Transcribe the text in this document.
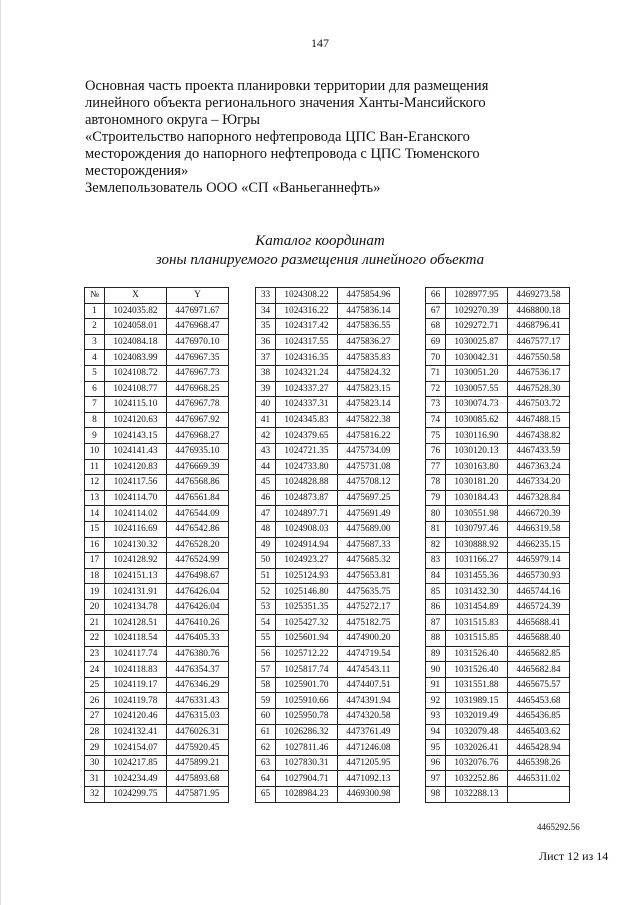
147
Основная часть проекта планировки территории для размещения
линейного объекта регионального значения Ханты-Мансийского
автономного округа – Югры
«Строительство напорного нефтепровода ЦПС Ван-Еганского
месторождения до напорного нефтепровода с ЦПС Тюменского
месторождения»
Землепользователь ООО «СП «Ваньеганнефть»
Каталог координат
зоны планируемого размещения линейного объекта
№	X	Y
1	1024035.82	4476971.67
2	1024058.01	4476968.47
3	1024084.18	4476970.10
4	1024083.99	4476967.35
5	1024108.72	4476967.73
6	1024108.77	4476968.25
7	1024115.10	4476967.78
8	1024120.63	4476967.92
9	1024143.15	4476968.27
10	1024141.43	4476935.10
11	1024120.83	4476669.39
12	1024117.56	4476568.86
13	1024114.70	4476561.84
14	1024114.02	4476544.09
15	1024116.69	4476542.86
16	1024130.32	4476528.20
17	1024128.92	4476524.99
18	1024151.13	4476498.67
19	1024131.91	4476426.04
20	1024134.78	4476426.04
21	1024128.51	4476410.26
22	1024118.54	4476405.33
23	1024117.74	4476380.76
24	1024118.83	4476354.37
25	1024119.17	4476346.29
26	1024119.78	4476331.43
27	1024120.46	4476315.03
28	1024132.41	4476026.31
29	1024154.07	4475920.45
30	1024217.85	4475899.21
31	1024234.49	4475893.68
32	1024299.75	4475871.95
33	1024308.22	4475854.96
34	1024316.22	4475836.14
35	1024317.42	4475836.55
36	1024317.55	4475836.27
37	1024316.35	4475835.83
38	1024321.24	4475824.32
39	1024337.27	4475823.15
40	1024337.31	4475823.14
41	1024345.83	4475822.38
42	1024379.65	4475816.22
43	1024721.35	4475734.09
44	1024733.80	4475731.08
45	1024828.88	4475708.12
46	1024873.87	4475697.25
47	1024897.71	4475691.49
48	1024908.03	4475689.00
49	1024914.94	4475687.33
50	1024923.27	4475685.32
51	1025124.93	4475653.81
52	1025146.80	4475635.75
53	1025351.35	4475272.17
54	1025427.32	4475182.75
55	1025601.94	4474900.20
56	1025712.22	4474719.54
57	1025817.74	4474543.11
58	1025901.70	4474407.51
59	1025910.66	4474391.94
60	1025950.78	4474320.58
61	1026286.32	4473761.49
62	1027811.46	4471246.08
63	1027830.31	4471205.95
64	1027904.71	4471092.13
65	1028984.23	4469300.98
66	1028977.95	4469273.58
67	1029270.39	4468800.18
68	1029272.71	4468796.41
69	1030025.87	4467577.17
70	1030042.31	4467550.58
71	1030051.20	4467536.17
72	1030057.55	4467528.30
73	1030074.73	4467503.72
74	1030085.62	4467488.15
75	1030116.90	4467438.82
76	1030120.13	4467433.59
77	1030163.80	4467363.24
78	1030181.20	4467334.20
79	1030184.43	4467328.84
80	1030551.98	4466720.39
81	1030797.46	4466319.58
82	1030888.92	4466235.15
83	1031166.27	4465979.14
84	1031455.36	4465730.93
85	1031432.30	4465744.16
86	1031454.89	4465724.39
87	1031515.83	4465688.41
88	1031515.85	4465688.40
89	1031526.40	4465682.85
90	1031526.40	4465682.84
91	1031551.88	4465675.57
92	1031989.15	4465453.68
93	1032019.49	4465436.85
94	1032079.48	4465403.62
95	1032026.41	4465428.94
96	1032076.76	4465398.26
97	1032252.86	4465311.02
98	1032288.13	
Лист 12 из 14
4465292.56
